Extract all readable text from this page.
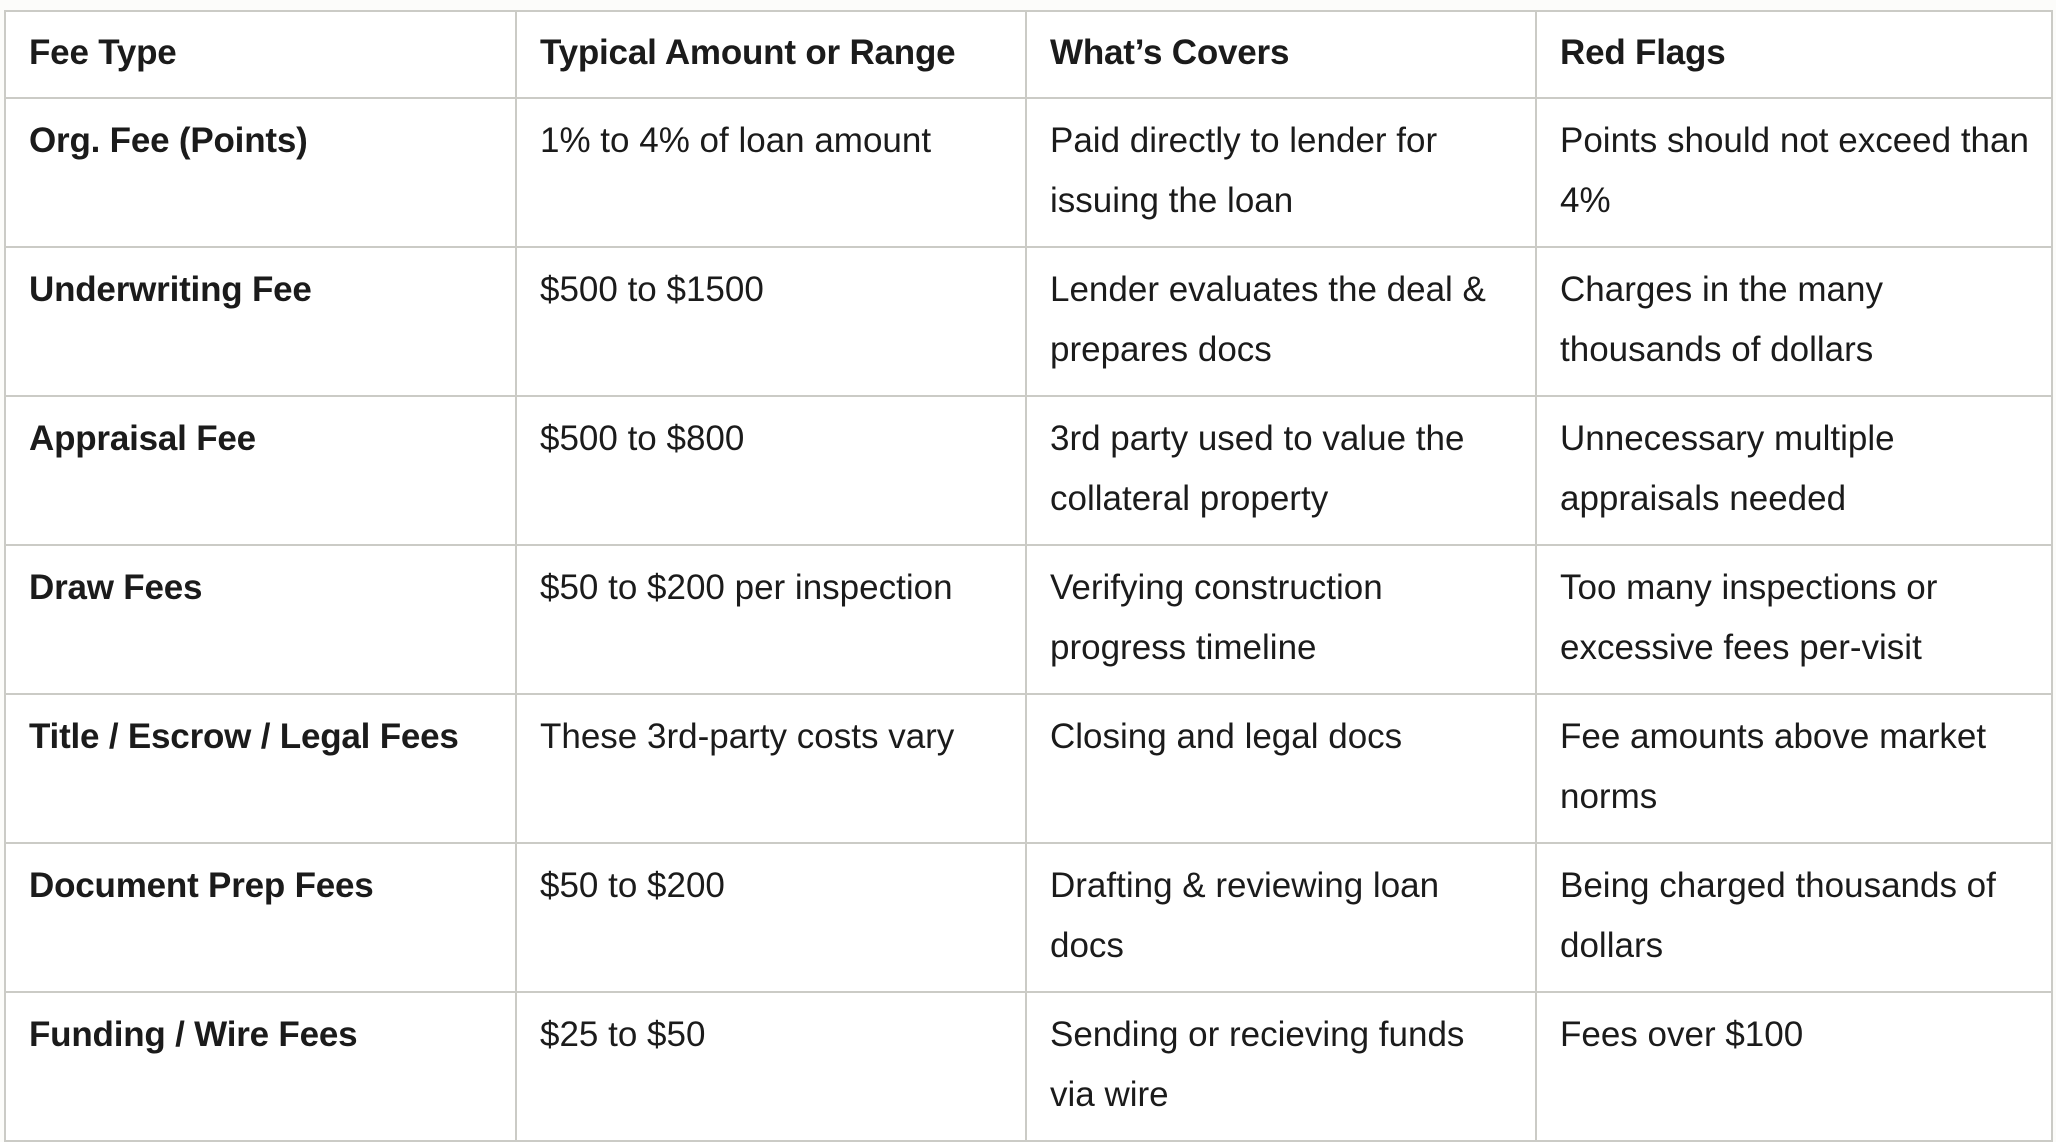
Fee Type	Typical Amount or Range	What’s Covers	Red Flags
Org. Fee (Points)	1% to 4% of loan amount	Paid directly to lender for issuing the loan	Points should not exceed than 4%
Underwriting Fee	$500 to $1500	Lender evaluates the deal & prepares docs	Charges in the many thousands of dollars
Appraisal Fee	$500 to $800	3rd party used to value the collateral property	Unnecessary multiple appraisals needed
Draw Fees	$50 to $200 per inspection	Verifying construction progress timeline	Too many inspections or excessive fees per-visit
Title / Escrow / Legal Fees	These 3rd-party costs vary	Closing and legal docs	Fee amounts above market norms
Document Prep Fees	$50 to $200	Drafting & reviewing loan docs	Being charged thousands of dollars
Funding / Wire Fees	$25 to $50	Sending or recieving funds via wire	Fees over $100
